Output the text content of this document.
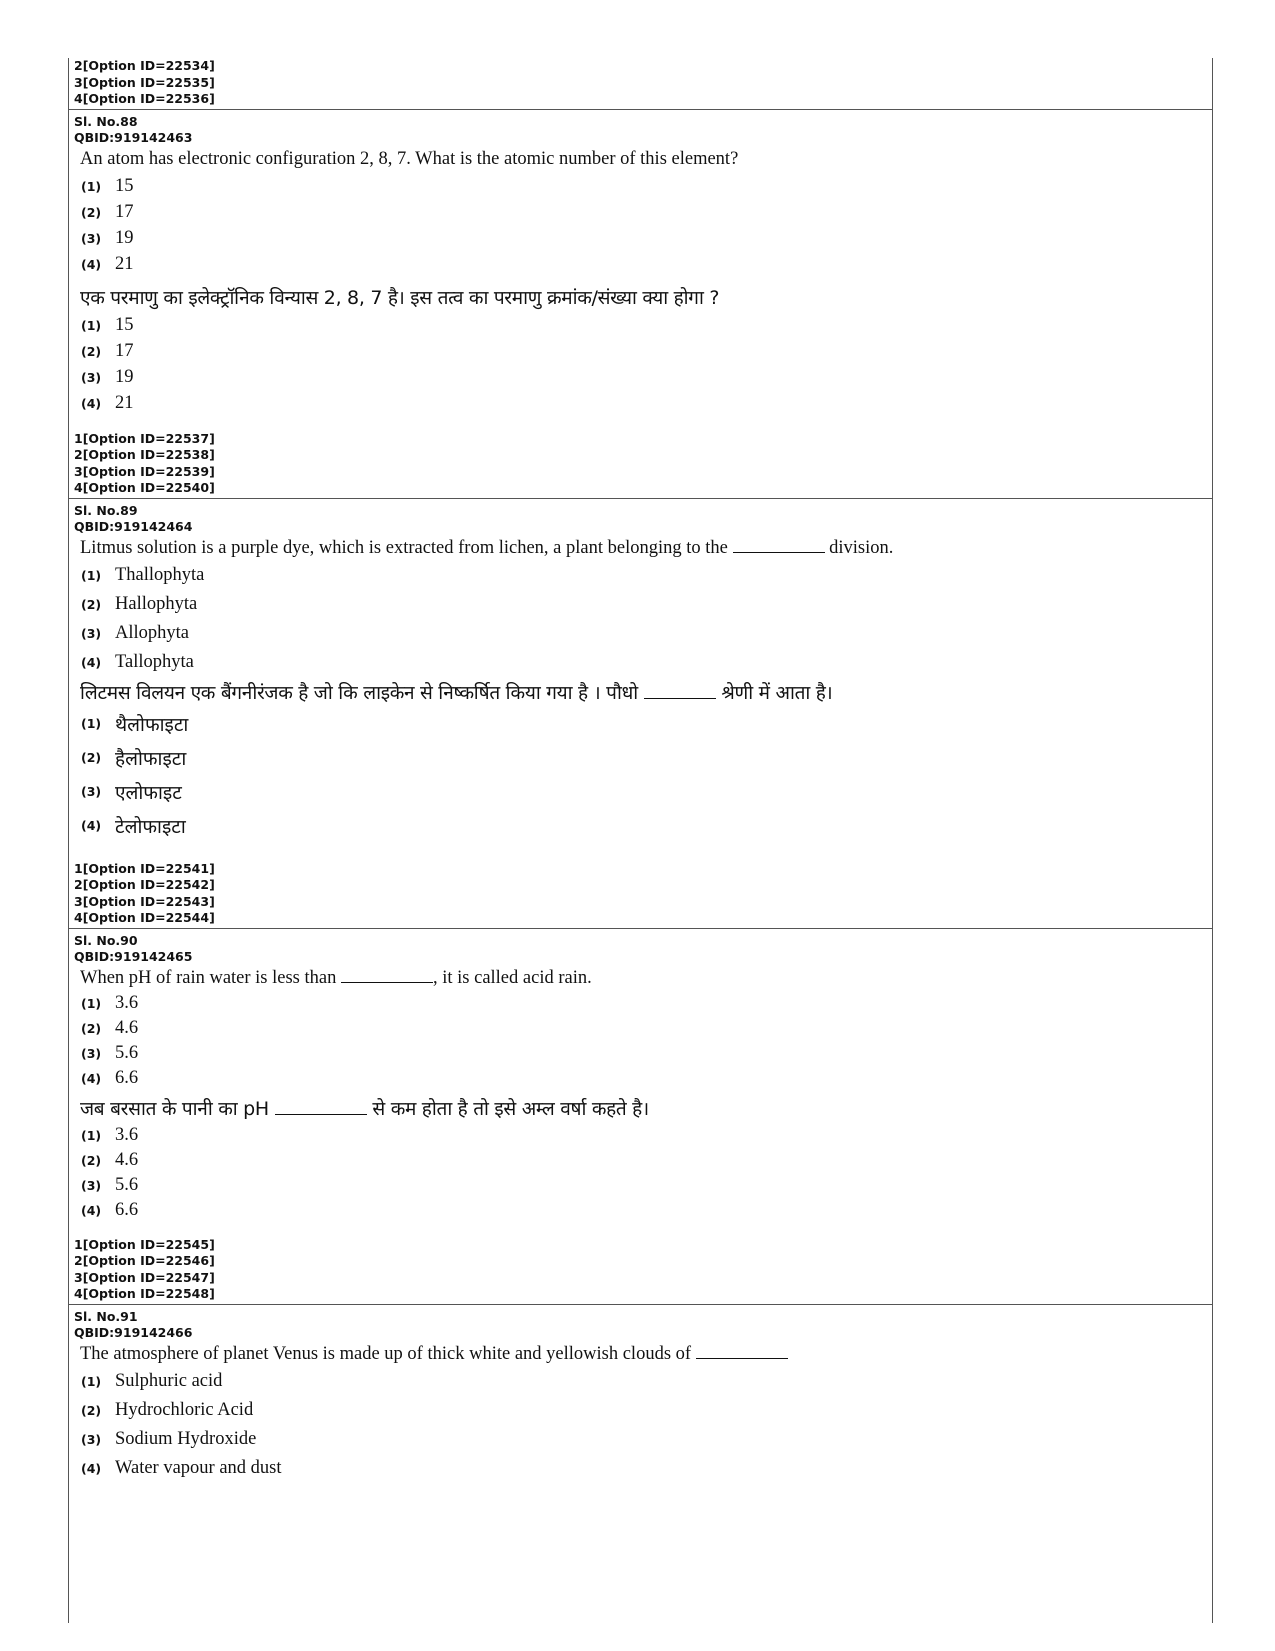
2[Option ID=22534]
3[Option ID=22535]
4[Option ID=22536]
Sl. No.88
QBID:919142463
An atom has electronic configuration 2, 8, 7. What is the atomic number of this element?
(1) 15
(2) 17
(3) 19
(4) 21
एक परमाणु का इलेक्ट्रॉनिक विन्यास 2, 8, 7 है। इस तत्व का परमाणु क्रमांक/संख्या क्या होगा ?
(1) 15
(2) 17
(3) 19
(4) 21
1[Option ID=22537]
2[Option ID=22538]
3[Option ID=22539]
4[Option ID=22540]
Sl. No.89
QBID:919142464
Litmus solution is a purple dye, which is extracted from lichen, a plant belonging to the	division.
(1) Thallophyta
(2) Hallophyta
(3) Allophyta
(4) Tallophyta
लिटमस विलयन एक बैंगनीरंजक है जो कि लाइकेन से निष्कर्षित किया गया है । पौधो	श्रेणी में आता है।
(1) थैलोफाइटा
(2) हैलोफाइटा
(3) एलोफाइट
(4) टेलोफाइटा
1[Option ID=22541]
2[Option ID=22542]
3[Option ID=22543]
4[Option ID=22544]
Sl. No.90
QBID:919142465
When pH of rain water is less than	, it is called acid rain.
(1) 3.6
(2) 4.6
(3) 5.6
(4) 6.6
जब बरसात के पानी का pH	से कम होता है तो इसे अम्ल वर्षा कहते है।
(1) 3.6
(2) 4.6
(3) 5.6
(4) 6.6
1[Option ID=22545]
2[Option ID=22546]
3[Option ID=22547]
4[Option ID=22548]
Sl. No.91
QBID:919142466
The atmosphere of planet Venus is made up of thick white and yellowish clouds of
(1) Sulphuric acid
(2) Hydrochloric Acid
(3) Sodium Hydroxide
(4) Water vapour and dust
